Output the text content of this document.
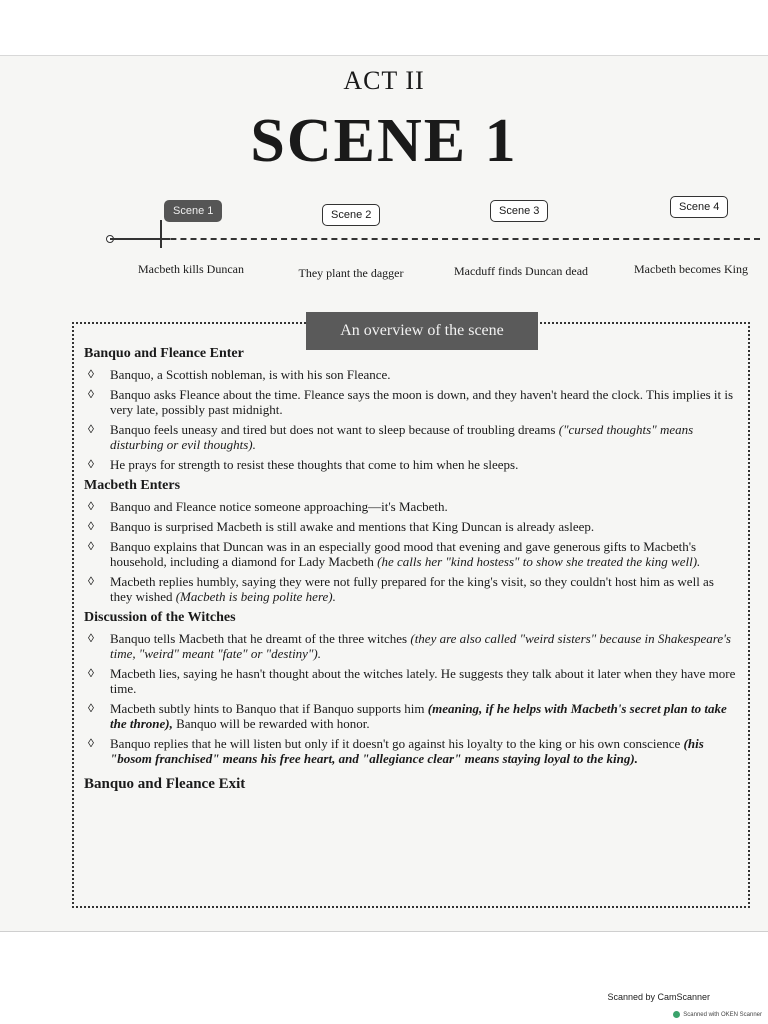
ACT II
SCENE 1
Scene 1	Scene 2	Scene 3	Scene 4
Macbeth kills Duncan	They plant the dagger	Macduff finds Duncan dead	Macbeth becomes King
An overview of the scene
Banquo and Fleance Enter
◊ Banquo, a Scottish nobleman, is with his son Fleance.
◊ Banquo asks Fleance about the time. Fleance says the moon is down, and they haven't heard the clock. This implies it is very late, possibly past midnight.
◊ Banquo feels uneasy and tired but does not want to sleep because of troubling dreams ("cursed thoughts" means disturbing or evil thoughts).
◊ He prays for strength to resist these thoughts that come to him when he sleeps.
Macbeth Enters
◊ Banquo and Fleance notice someone approaching—it's Macbeth.
◊ Banquo is surprised Macbeth is still awake and mentions that King Duncan is already asleep.
◊ Banquo explains that Duncan was in an especially good mood that evening and gave generous gifts to Macbeth's household, including a diamond for Lady Macbeth (he calls her "kind hostess" to show she treated the king well).
◊ Macbeth replies humbly, saying they were not fully prepared for the king's visit, so they couldn't host him as well as they wished (Macbeth is being polite here).
Discussion of the Witches
◊ Banquo tells Macbeth that he dreamt of the three witches (they are also called "weird sisters" because in Shakespeare's time, "weird" meant "fate" or "destiny").
◊ Macbeth lies, saying he hasn't thought about the witches lately. He suggests they talk about it later when they have more time.
◊ Macbeth subtly hints to Banquo that if Banquo supports him (meaning, if he helps with Macbeth's secret plan to take the throne), Banquo will be rewarded with honor.
◊ Banquo replies that he will listen but only if it doesn't go against his loyalty to the king or his own conscience (his "bosom franchised" means his free heart, and "allegiance clear" means staying loyal to the king).
Banquo and Fleance Exit
Scanned by CamScanner
Scanned with OKEN Scanner
